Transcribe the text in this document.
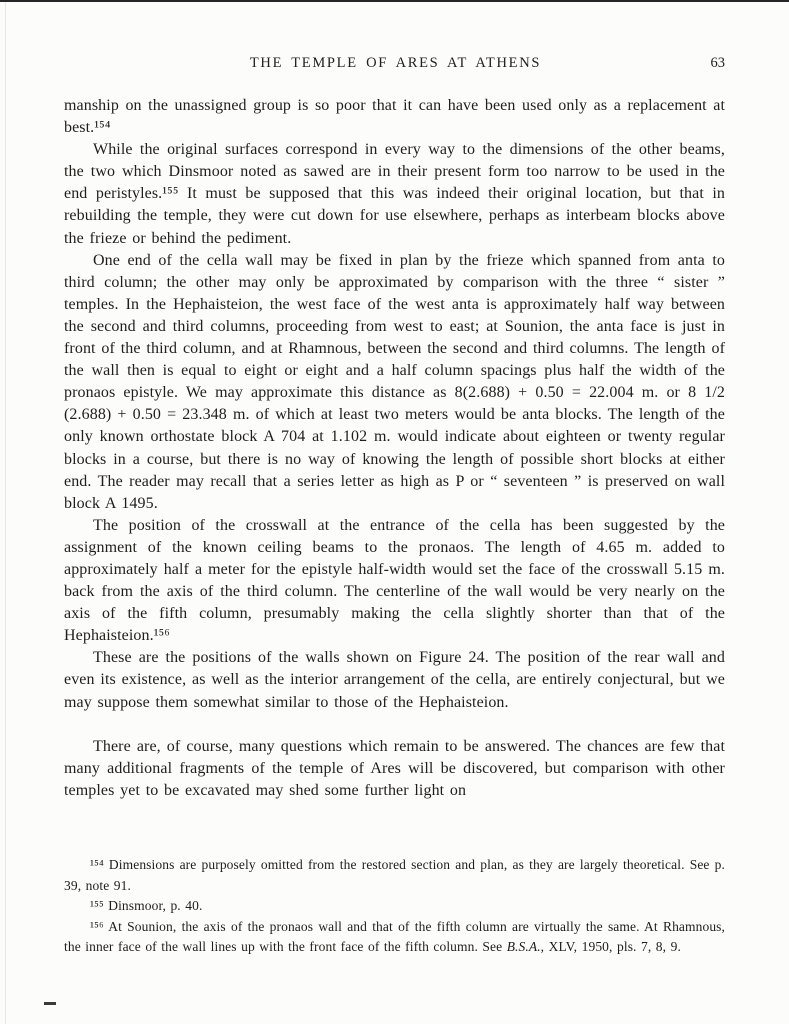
THE TEMPLE OF ARES AT ATHENS	63

manship on the unassigned group is so poor that it can have been used only as a replacement at best.¹⁵⁴

While the original surfaces correspond in every way to the dimensions of the other beams, the two which Dinsmoor noted as sawed are in their present form too narrow to be used in the end peristyles.¹⁵⁵ It must be supposed that this was indeed their original location, but that in rebuilding the temple, they were cut down for use elsewhere, perhaps as interbeam blocks above the frieze or behind the pediment.

One end of the cella wall may be fixed in plan by the frieze which spanned from anta to third column; the other may only be approximated by comparison with the three “ sister ” temples. In the Hephaisteion, the west face of the west anta is approximately half way between the second and third columns, proceeding from west to east; at Sounion, the anta face is just in front of the third column, and at Rhamnous, between the second and third columns. The length of the wall then is equal to eight or eight and a half column spacings plus half the width of the pronaos epistyle. We may approximate this distance as 8(2.688) + 0.50 = 22.004 m. or 8 1/2 (2.688) + 0.50 = 23.348 m. of which at least two meters would be anta blocks. The length of the only known orthostate block A 704 at 1.102 m. would indicate about eighteen or twenty regular blocks in a course, but there is no way of knowing the length of possible short blocks at either end. The reader may recall that a series letter as high as P or “ seventeen ” is preserved on wall block A 1495.

The position of the crosswall at the entrance of the cella has been suggested by the assignment of the known ceiling beams to the pronaos. The length of 4.65 m. added to approximately half a meter for the epistyle half-width would set the face of the crosswall 5.15 m. back from the axis of the third column. The centerline of the wall would be very nearly on the axis of the fifth column, presumably making the cella slightly shorter than that of the Hephaisteion.¹⁵⁶

These are the positions of the walls shown on Figure 24. The position of the rear wall and even its existence, as well as the interior arrangement of the cella, are entirely conjectural, but we may suppose them somewhat similar to those of the Hephaisteion.

There are, of course, many questions which remain to be answered. The chances are few that many additional fragments of the temple of Ares will be discovered, but comparison with other temples yet to be excavated may shed some further light on

¹⁵⁴ Dimensions are purposely omitted from the restored section and plan, as they are largely theoretical. See p. 39, note 91.

¹⁵⁵ Dinsmoor, p. 40.

¹⁵⁶ At Sounion, the axis of the pronaos wall and that of the fifth column are virtually the same. At Rhamnous, the inner face of the wall lines up with the front face of the fifth column. See B.S.A., XLV, 1950, pls. 7, 8, 9.
